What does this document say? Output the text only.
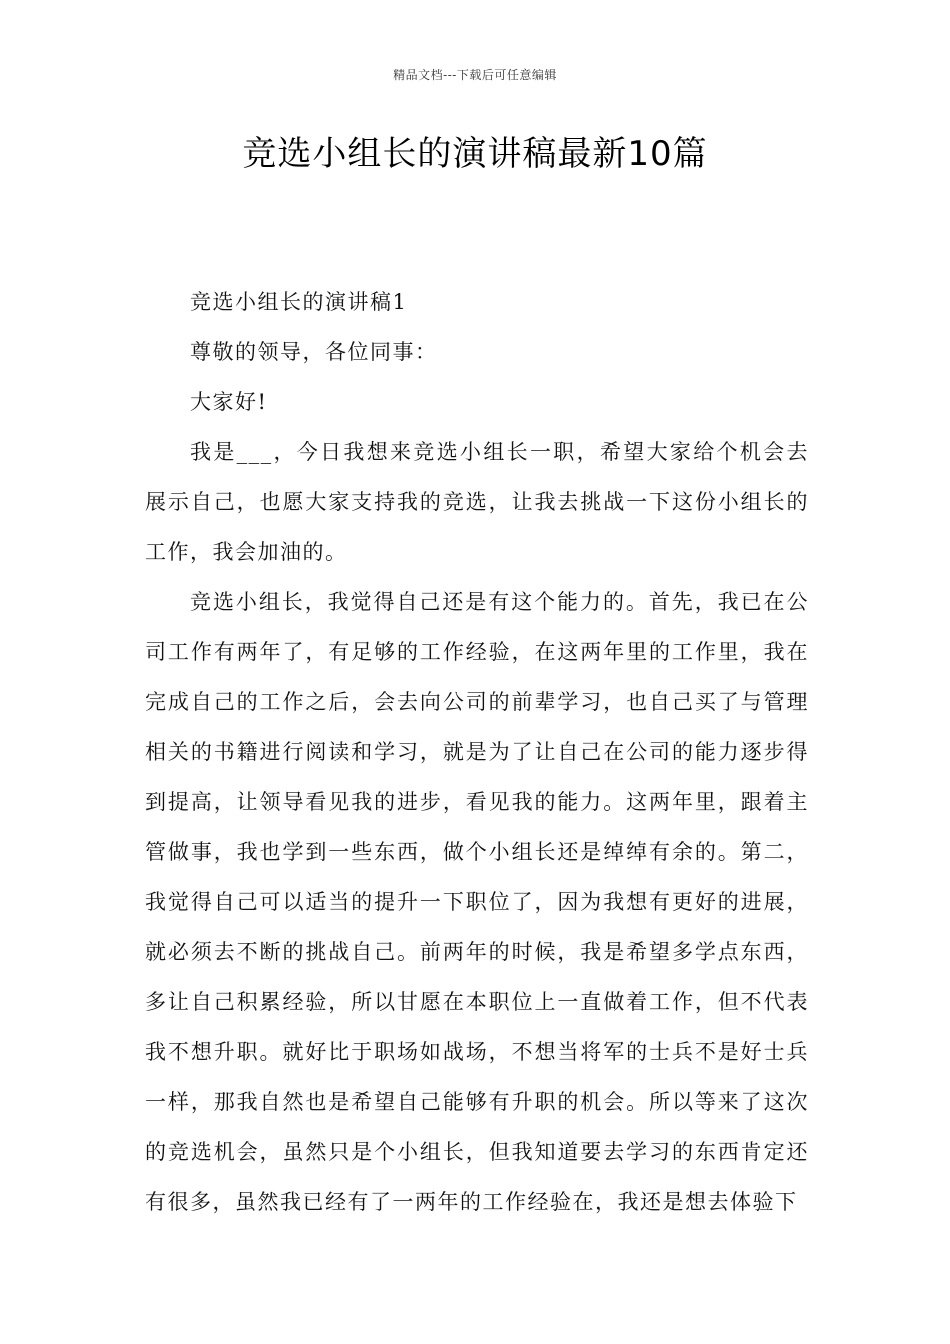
精品文档---下载后可任意编辑
竞选小组长的演讲稿最新10篇

竞选小组长的演讲稿1

尊敬的领导，各位同事：

大家好!

我是___，今日我想来竞选小组长一职，希望大家给个机会去展示自己，也愿大家支持我的竞选，让我去挑战一下这份小组长的工作，我会加油的。

竞选小组长，我觉得自己还是有这个能力的。首先，我已在公司工作有两年了，有足够的工作经验，在这两年里的工作里，我在完成自己的工作之后，会去向公司的前辈学习，也自己买了与管理相关的书籍进行阅读和学习，就是为了让自己在公司的能力逐步得到提高，让领导看见我的进步，看见我的能力。这两年里，跟着主管做事，我也学到一些东西，做个小组长还是绰绰有余的。第二，我觉得自己可以适当的提升一下职位了，因为我想有更好的进展，就必须去不断的挑战自己。前两年的时候，我是希望多学点东西，多让自己积累经验，所以甘愿在本职位上一直做着工作，但不代表我不想升职。就好比于职场如战场，不想当将军的士兵不是好士兵一样，那我自然也是希望自己能够有升职的机会。所以等来了这次的竞选机会，虽然只是个小组长，但我知道要去学习的东西肯定还有很多，虽然我已经有了一两年的工作经验在，我还是想去体验下
